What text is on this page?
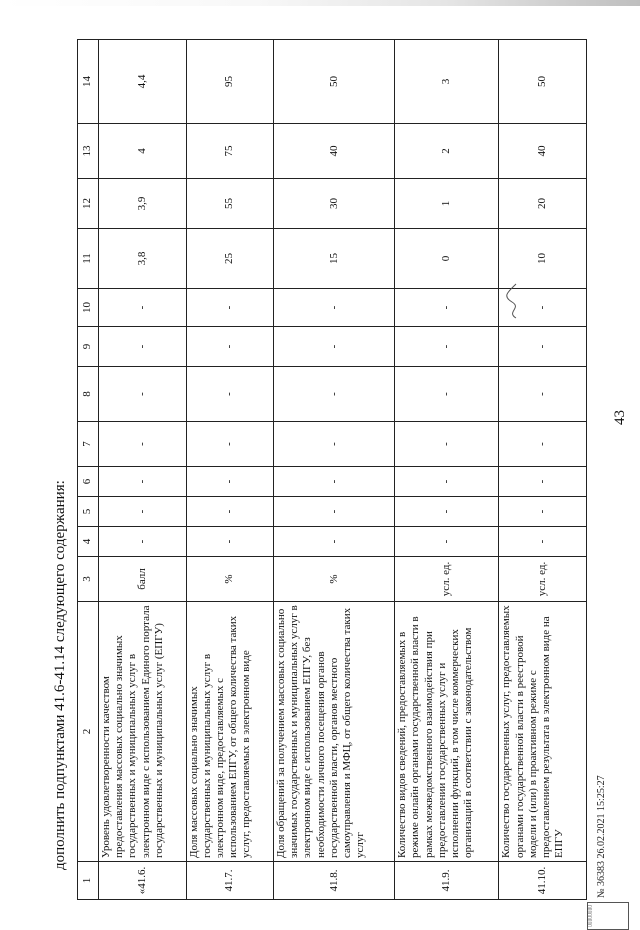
43
дополнить подпунктами 41.6-41.14 следующего содержания:
1	2	3	4	5	6	7	8	9	10	11	12	13	14
«41.6.	Уровень удовлетворенности качеством предоставления массовых социально значимых государственных и муниципальных услуг в электронном виде с использованием Единого портала государственных и муниципальных услуг (ЕПГУ)	балл	-	-	-	-	-	-	-	3,8	3,9	4	4,4
41.7.	Доля массовых социально значимых государственных и муниципальных услуг в электронном виде, предоставляемых с использованием ЕПГУ, от общего количества таких услуг, предоставляемых в электронном виде	%	-	-	-	-	-	-	-	25	55	75	95
41.8.	Доля обращений за получением массовых социально значимых государственных и муниципальных услуг в электронном виде с использованием ЕПГУ, без необходимости личного посещения органов государственной власти, органов местного самоуправления и МФЦ, от общего количества таких услуг	%	-	-	-	-	-	-	-	15	30	40	50
41.9.	Количество видов сведений, предоставляемых в режиме онлайн органами государственной власти в рамках межведомственного взаимодействия при предоставлении государственных услуг и исполнении функций, в том числе коммерческих организаций в соответствии с законодательством	усл. ед.	-	-	-	-	-	-	-	0	1	2	3
41.10.	Количество государственных услуг, предоставляемых органами государственной власти в реестровой модели и (или) в проактивном режиме с предоставлением результата в электронном виде на ЕПГУ	усл. ед.	-	-	-	-	-	-	-	10	20	40	50
▯▯▯▯▯▯▯▯
№ 36383 26.02.2021 15:25:27
